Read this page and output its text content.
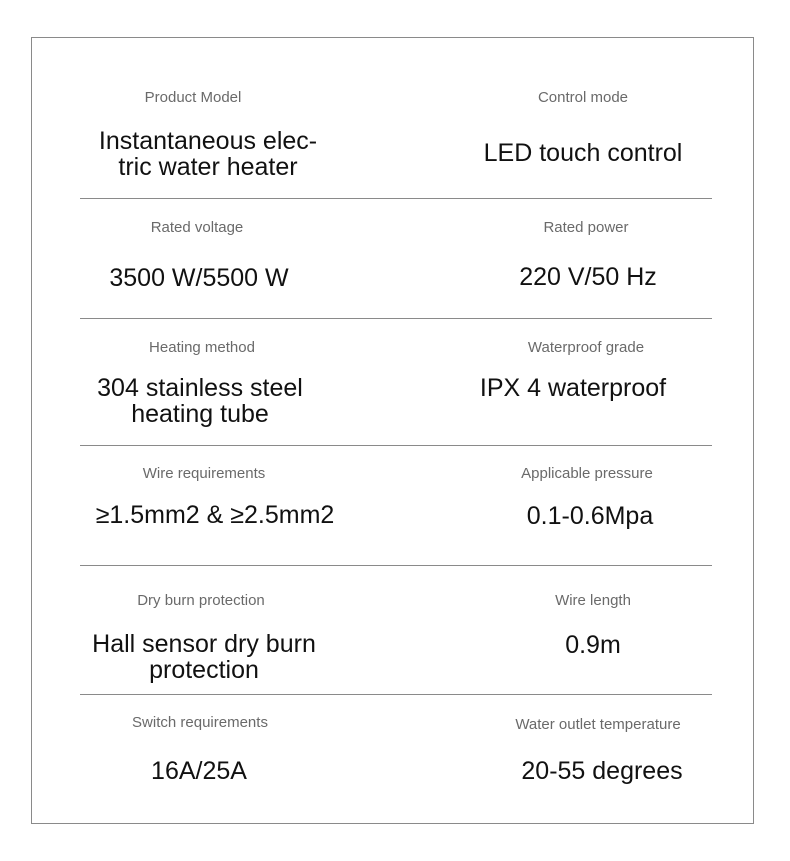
Product Model
Instantaneous elec-
tric water heater
Control mode
LED touch control
Rated voltage
3500 W/5500 W
Rated power
220 V/50 Hz
Heating method
304 stainless steel
heating tube
Waterproof grade
IPX 4 waterproof
Wire requirements
≥1.5mm2 & ≥2.5mm2
Applicable pressure
0.1-0.6Mpa
Dry burn protection
Hall sensor dry burn
protection
Wire length
0.9m
Switch requirements
16A/25A
Water outlet temperature
20-55 degrees
